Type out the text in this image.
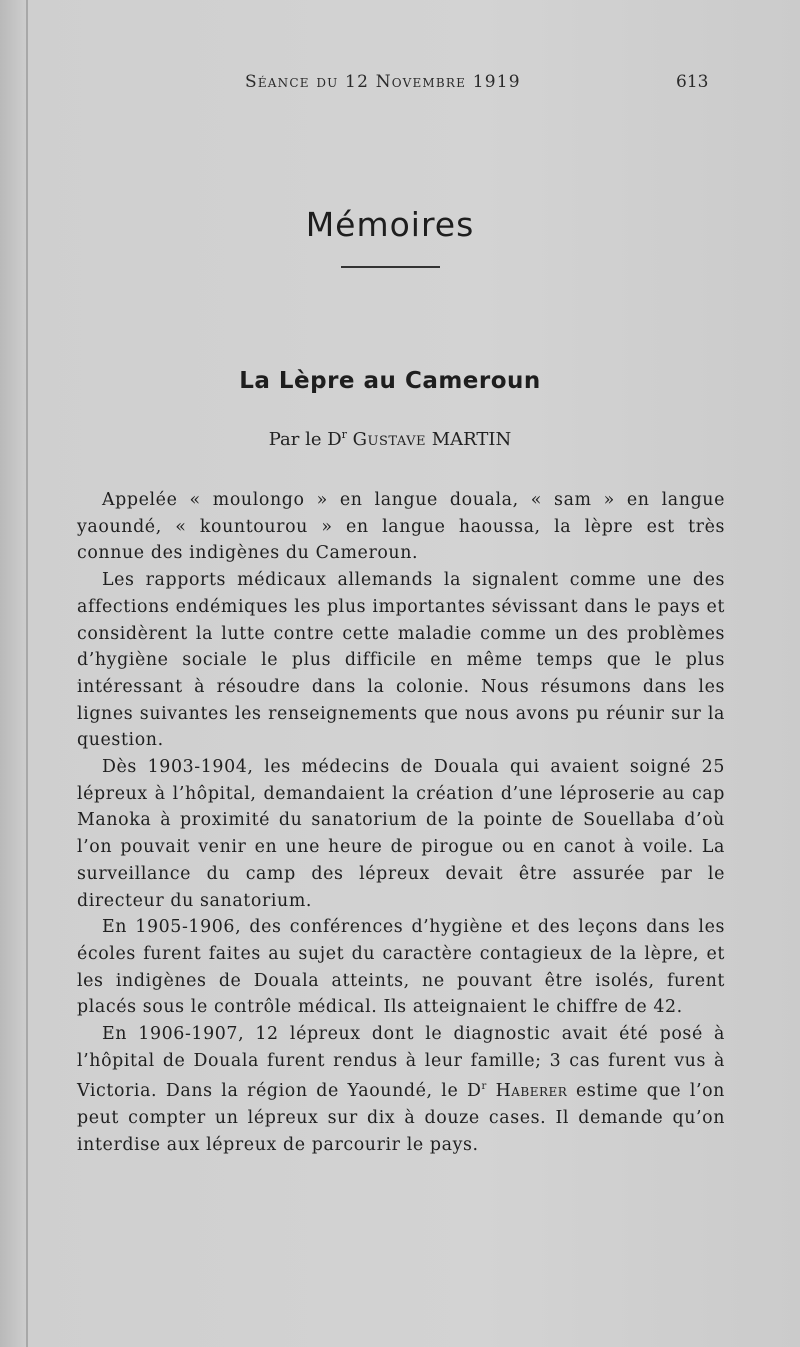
Séance du 12 Novembre 1919	613
Mémoires
La Lèpre au Cameroun
Par le $D^r$ Gustave MARTIN

Appelée « moulongo » en langue douala, « sam » en langue yaoundé, « kountourou » en langue haoussa, la lèpre est très connue des indigènes du Cameroun.

Les rapports médicaux allemands la signalent comme une des affections endémiques les plus importantes sévissant dans le pays et considèrent la lutte contre cette maladie comme un des problèmes d’hygiène sociale le plus difficile en même temps que le plus intéressant à résoudre dans la colonie. Nous résumons dans les lignes suivantes les renseignements que nous avons pu réunir sur la question.

Dès 1903-1904, les médecins de Douala qui avaient soigné 25 lépreux à l’hôpital, demandaient la création d’une léproserie au cap Manoka à proximité du sanatorium de la pointe de Souellaba d’où l’on pouvait venir en une heure de pirogue ou en canot à voile. La surveillance du camp des lépreux devait être assurée par le directeur du sanatorium.

En 1905-1906, des conférences d’hygiène et des leçons dans les écoles furent faites au sujet du caractère contagieux de la lèpre, et les indigènes de Douala atteints, ne pouvant être isolés, furent placés sous le contrôle médical. Ils atteignaient le chiffre de 42.

En 1906-1907, 12 lépreux dont le diagnostic avait été posé à l’hôpital de Douala furent rendus à leur famille; 3 cas furent vus à Victoria. Dans la région de Yaoundé, le $D^r$ Haberer estime que l’on peut compter un lépreux sur dix à douze cases. Il demande qu’on interdise aux lépreux de parcourir le pays.
